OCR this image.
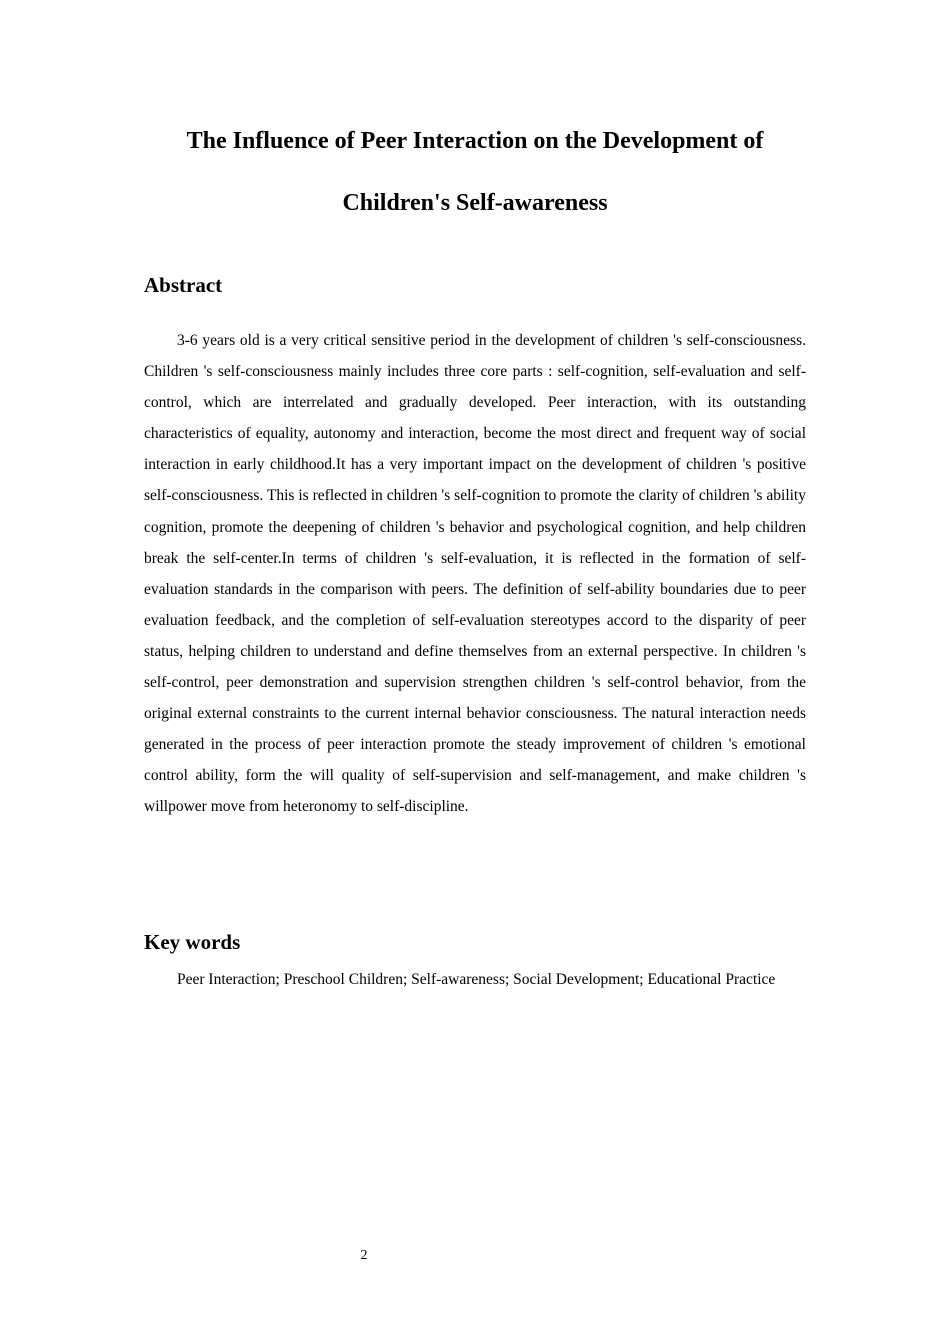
The Influence of Peer Interaction on the Development of
Children's Self-awareness
Abstract

3-6 years old is a very critical sensitive period in the development of children 's self-consciousness. Children 's self-consciousness mainly includes three core parts : self-cognition, self-evaluation and self-control, which are interrelated and gradually developed. Peer interaction, with its outstanding characteristics of equality, autonomy and interaction, become the most direct and frequent way of social interaction in early childhood.It has a very important impact on the development of children 's positive self-consciousness. This is reflected in children 's self-cognition to promote the clarity of children 's ability cognition, promote the deepening of children 's behavior and psychological cognition, and help children break the self-center.In terms of children 's self-evaluation, it is reflected in the formation of self-evaluation standards in the comparison with peers. The definition of self-ability boundaries due to peer evaluation feedback, and the completion of self-evaluation stereotypes accord to the disparity of peer status, helping children to understand and define themselves from an external perspective. In children 's self-control, peer demonstration and supervision strengthen children 's self-control behavior, from the original external constraints to the current internal behavior consciousness. The natural interaction needs generated in the process of peer interaction promote the steady improvement of children 's emotional control ability, form the will quality of self-supervision and self-management, and make children 's willpower move from heteronomy to self-discipline.

Key words

Peer Interaction; Preschool Children; Self-awareness; Social Development; Educational Practice

2
